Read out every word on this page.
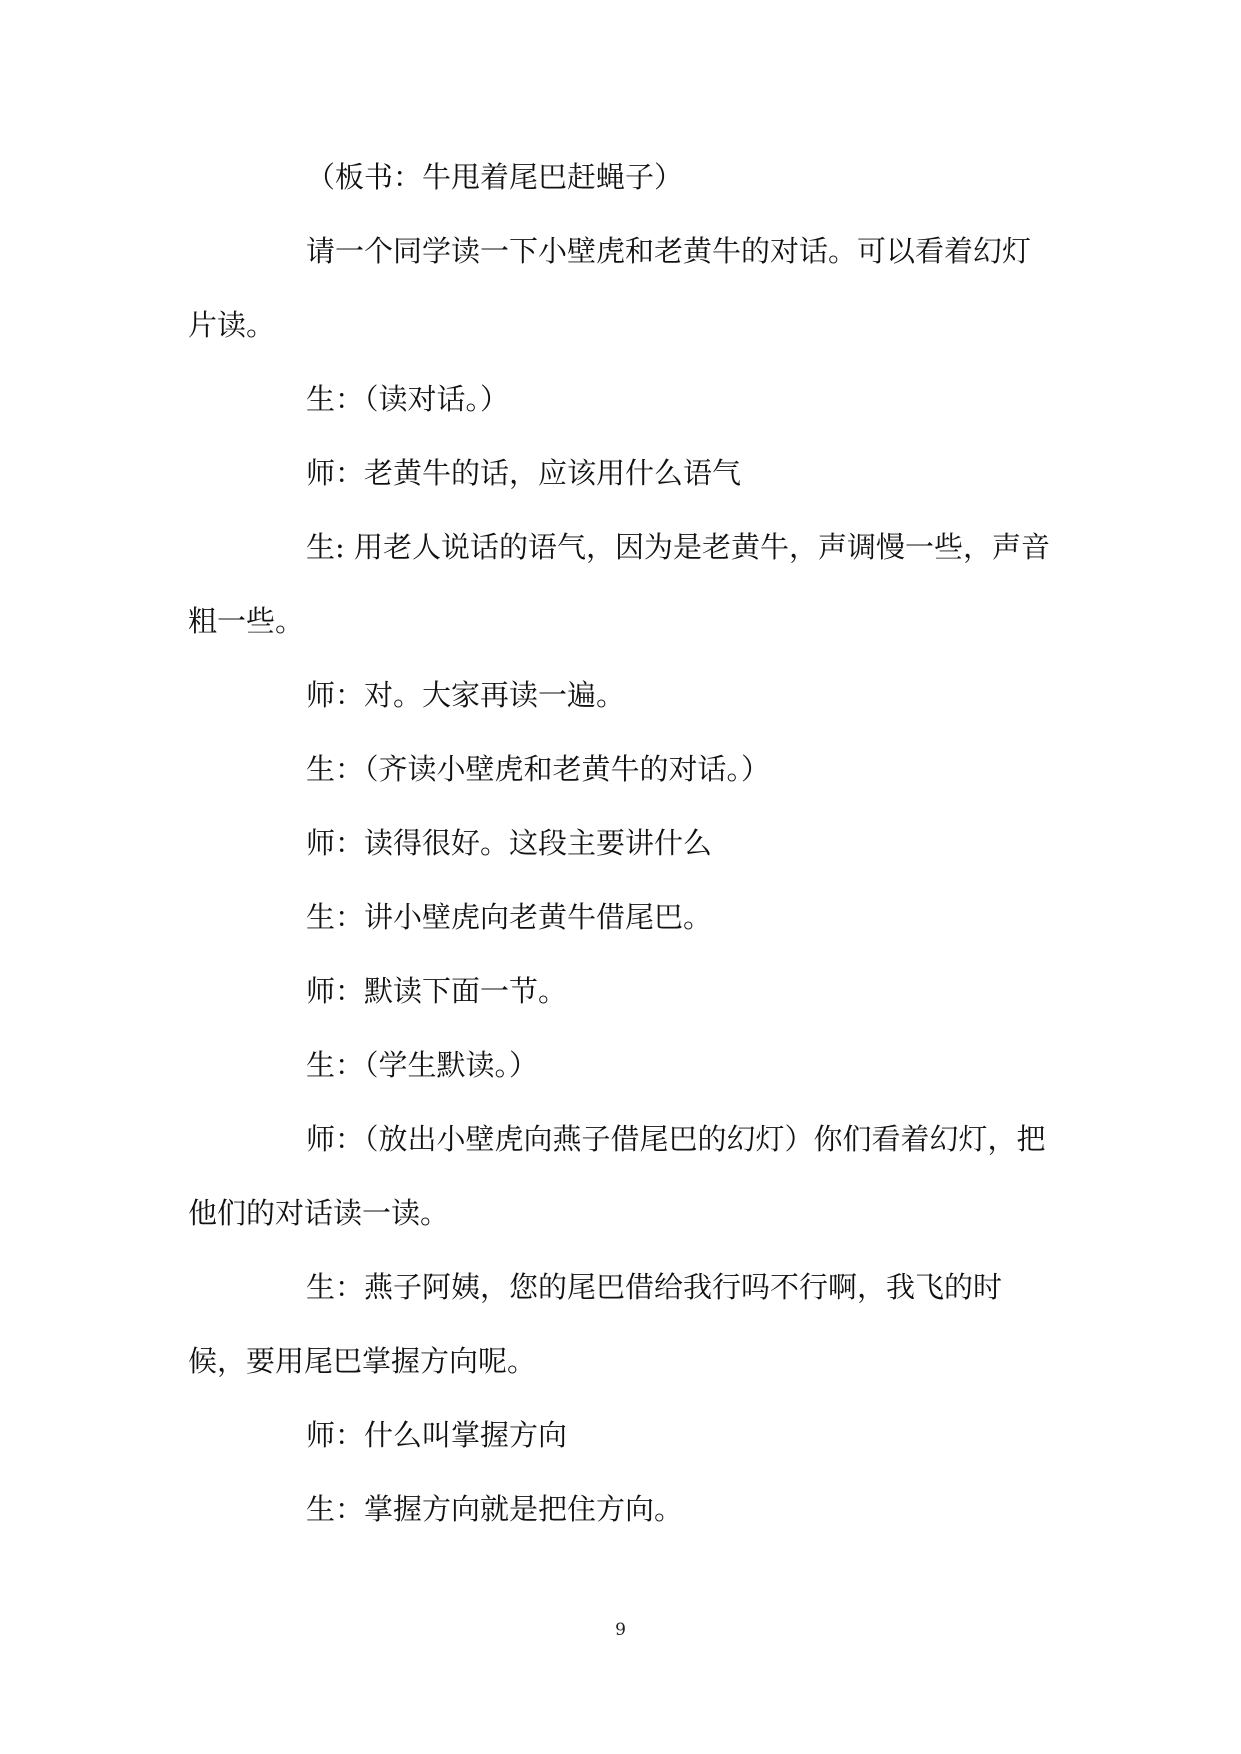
（板书：牛甩着尾巴赶蝇子）

请一个同学读一下小壁虎和老黄牛的对话。可以看着幻灯片读。

生：（读对话。）

师：老黄牛的话，应该用什么语气

生: 用老人说话的语气，因为是老黄牛，声调慢一些，声音粗一些。

师：对。大家再读一遍。

生：（齐读小壁虎和老黄牛的对话。）

师：读得很好。这段主要讲什么

生：讲小壁虎向老黄牛借尾巴。

师：默读下面一节。

生：（学生默读。）

师：（放出小壁虎向燕子借尾巴的幻灯）你们看着幻灯，把他们的对话读一读。

生：燕子阿姨，您的尾巴借给我行吗不行啊，我飞的时候，要用尾巴掌握方向呢。

师：什么叫掌握方向

生：掌握方向就是把住方向。

9
